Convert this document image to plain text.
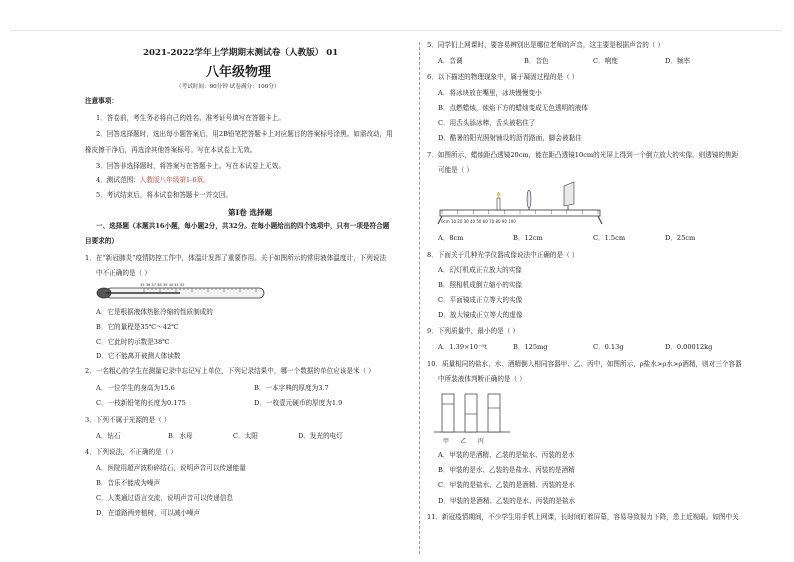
2021-2022学年上学期期末测试卷（人教版） 01
八年级物理
（考试时间：90分钟 试卷满分：100分）
注意事项：
1．答卷前，考生务必将自己的姓名、准考证号填写在答题卡上。
2．回答选择题时，选出每小题答案后，用2B铅笔把答题卡上对应题目的答案标号涂黑。如需改动，用
橡皮擦干净后，再选涂其他答案标号。写在本试卷上无效。
3．回答非选择题时，将答案写在答题卡上。写在本试卷上无效。
4．测试范围：人教版八年级第1-6章。
5．考试结束后，将本试卷和答题卡一并交回。
第Ⅰ卷 选择题
一、选择题（本题共16小题，每小题2分，共32分。在每小题给出的四个选项中，只有一项是符合题
目要求的）
1．在“新冠肺炎”疫情防控工作中，体温计发挥了重要作用。关于如图所示的常用液体温度计，下列说法
中不正确的是（ ）
35 36 37 38 39 40 41 42
A．它是根据液体热胀冷缩的性质制成的
B．它的量程是35℃～42℃
C．它此时的示数是38℃
D．它不能离开被测人体读数
2．一名粗心的学生在测量记录中忘记写上单位，下列记录结果中，哪一个数据的单位应该是米（ ）
A．一位学生的身高为15.6	B．一本字典的厚度为3.7
C．一枝新铅笔的长度为0.175	D．一枚壹元硬币的厚度为1.9
3．下列不属于光源的是（ ）
A．钻石	B．水母	C．太阳	D．发光的电灯
4．下列说法，不正确的是（ ）
A．医院用超声波粉碎结石，说明声音可以传递能量
B．音乐不能成为噪声
C．人类通过语言交流，说明声音可以传递信息
D．在道路两旁植树，可以减小噪声
5．同学们上网课时，要容易辨别出是哪位老师的声音，这主要是根据声音的（ ）
A．音调	B．音色	C．响度	D．频率
6．以下描述的物理现象中，属于凝固过程的是（ ）
A．将冰块放在嘴里，冰块慢慢变小
B．点燃蜡烛，烛焰下方的蜡烛变成无色透明的液体
C．用舌头舔冰棒，舌头被粘住了
D．酷暑的阳光照射铺设的沥青路面，脚会被黏住
7．如图所示，蜡烛距凸透镜20cm，能在距凸透镜10cm的光屏上得到一个倒立放大的实像，则透镜的焦距
可能是（ ）
0cm 10 20 30 40 50 60 70 80 90 100
A．8cm	B．12cm	C．1.5cm	D．25cm
8．下面关于几种光学仪器成像说法中正确的是（ ）
A．幻灯机成正立放大的实像
B．照相机成倒立缩小的实像
C．平面镜成正立等大的实像
D．放大镜成正立等大的虚像
9．下列质量中，最小的是（ ）
A．1.39×10⁻⁵t	B．125mg	C．0.13g	D．0.00012kg
10．质量相同的盐水、水、酒精倒入相同容器甲、乙、丙中，如图所示，ρ盐水>ρ水>ρ酒精，则对三个容器
中所装液体判断正确的是（ ）
甲      乙      丙
A．甲装的是酒精、乙装的是盐水、丙装的是水
B．甲装的是水、乙装的是盐水、丙装的是酒精
C．甲装的是盐水、乙装的是酒精、丙装的是水
D．甲装的是酒精、乙装的是水、丙装的是盐水
11．新冠疫情期间，不少学生用手机上网课，长时间盯着屏幕，容易导致视力下降，患上近视眼。如图中关
